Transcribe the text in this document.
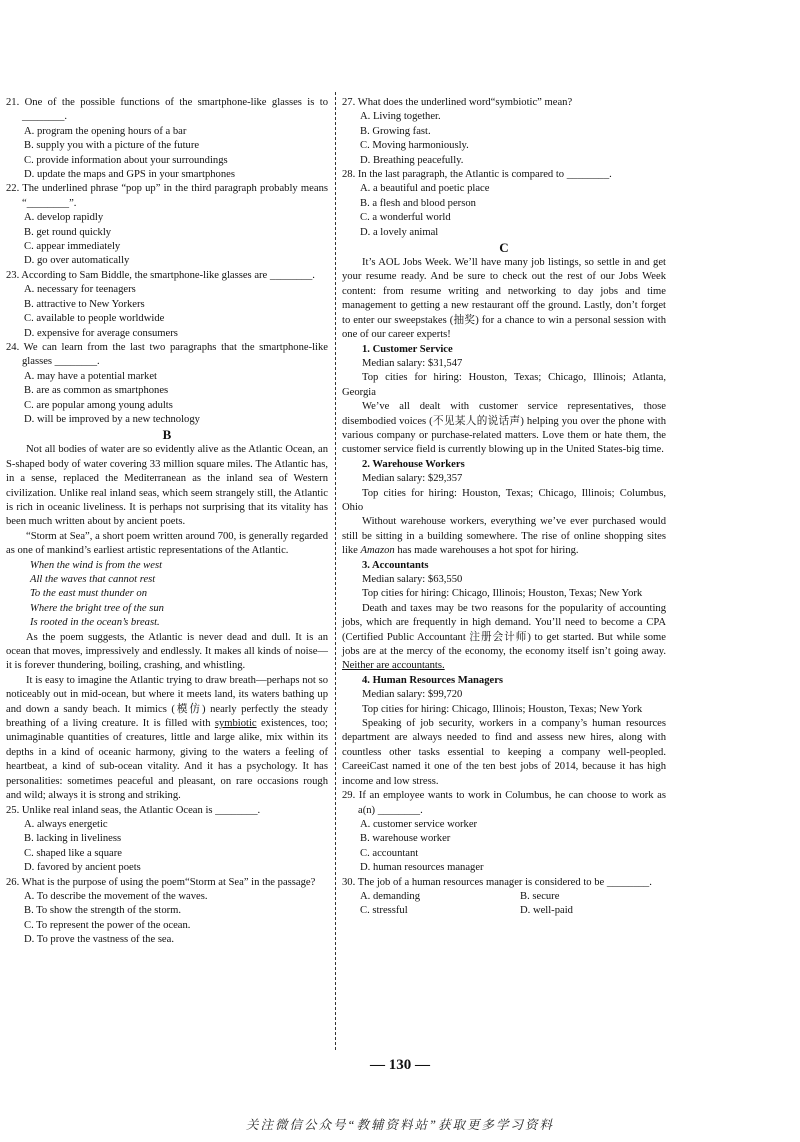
21. One of the possible functions of the smartphone-like glasses is to ________.
A. program the opening hours of a bar
B. supply you with a picture of the future
C. provide information about your surroundings
D. update the maps and GPS in your smartphones
22. The underlined phrase “pop up” in the third paragraph probably means “________”.
A. develop rapidly
B. get round quickly
C. appear immediately
D. go over automatically
23. According to Sam Biddle, the smartphone-like glasses are ________.
A. necessary for teenagers
B. attractive to New Yorkers
C. available to people worldwide
D. expensive for average consumers
24. We can learn from the last two paragraphs that the smartphone-like glasses ________.
A. may have a potential market
B. are as common as smartphones
C. are popular among young adults
D. will be improved by a new technology
B

Not all bodies of water are so evidently alive as the Atlantic Ocean, an S-shaped body of water covering 33 million square miles. The Atlantic has, in a sense, replaced the Mediterranean as the inland sea of Western civilization. Unlike real inland seas, which seem strangely still, the Atlantic is rich in oceanic liveliness. It is perhaps not surprising that its vitality has been much written about by ancient poets.

“Storm at Sea”, a short poem written around 700, is generally regarded as one of mankind’s earliest artistic representations of the Atlantic.

When the wind is from the west
All the waves that cannot rest
To the east must thunder on
Where the bright tree of the sun
Is rooted in the ocean’s breast.

As the poem suggests, the Atlantic is never dead and dull. It is an ocean that moves, impressively and endlessly. It makes all kinds of noise—it is forever thundering, boiling, crashing, and whistling.

It is easy to imagine the Atlantic trying to draw breath—perhaps not so noticeably out in mid-ocean, but where it meets land, its waters bathing up and down a sandy beach. It mimics (模仿) nearly perfectly the steady breathing of a living creature. It is filled with symbiotic existences, too; unimaginable quantities of creatures, little and large alike, mix within its depths in a kind of oceanic harmony, giving to the waters a feeling of heartbeat, a kind of sub-ocean vitality. And it has a psychology. It has personalities: sometimes peaceful and pleasant, on rare occasions rough and wild; always it is strong and striking.

25. Unlike real inland seas, the Atlantic Ocean is ________.
A. always energetic
B. lacking in liveliness
C. shaped like a square
D. favored by ancient poets
26. What is the purpose of using the poem“Storm at Sea” in the passage?
A. To describe the movement of the waves.
B. To show the strength of the storm.
C. To represent the power of the ocean.
D. To prove the vastness of the sea.
27. What does the underlined word“symbiotic” mean?
A. Living together.
B. Growing fast.
C. Moving harmoniously.
D. Breathing peacefully.
28. In the last paragraph, the Atlantic is compared to ________.
A. a beautiful and poetic place
B. a flesh and blood person
C. a wonderful world
D. a lovely animal
C

It’s AOL Jobs Week. We’ll have many job listings, so settle in and get your resume ready. And be sure to check out the rest of our Jobs Week content: from resume writing and networking to day jobs and time management to getting a new restaurant off the ground. Lastly, don’t forget to enter our sweepstakes (抽奖) for a chance to win a personal session with one of our career experts!

1. Customer Service
Median salary: $31,547

Top cities for hiring: Houston, Texas; Chicago, Illinois; Atlanta, Georgia

We’ve all dealt with customer service representatives, those disembodied voices (不见某人的说话声) helping you over the phone with various company or purchase-related matters. Love them or hate them, the customer service field is currently blowing up in the United States-big time.

2. Warehouse Workers
Median salary: $29,357

Top cities for hiring: Houston, Texas; Chicago, Illinois; Columbus, Ohio

Without warehouse workers, everything we’ve ever purchased would still be sitting in a building somewhere. The rise of online shopping sites like Amazon has made warehouses a hot spot for hiring.

3. Accountants
Median salary: $63,550

Top cities for hiring: Chicago, Illinois; Houston, Texas; New York

Death and taxes may be two reasons for the popularity of accounting jobs, which are frequently in high demand. You’ll need to become a CPA (Certified Public Accountant 注册会计师) to get started. But while some jobs are at the mercy of the economy, the economy itself isn’t going away. Neither are accountants.

4. Human Resources Managers
Median salary: $99,720

Top cities for hiring: Chicago, Illinois; Houston, Texas; New York

Speaking of job security, workers in a company’s human resources department are always needed to find and assess new hires, along with countless other tasks essential to keeping a company well-peopled. CareeiCast named it one of the ten best jobs of 2014, because it has high income and low stress.

29. If an employee wants to work in Columbus, he can choose to work as a(n) ________.
A. customer service worker
B. warehouse worker
C. accountant
D. human resources manager
30. The job of a human resources manager is considered to be ________.
A. demanding	B. secure
C. stressful	D. well-paid
— 130 —
关注微信公众号“教辅资料站”获取更多学习资料
